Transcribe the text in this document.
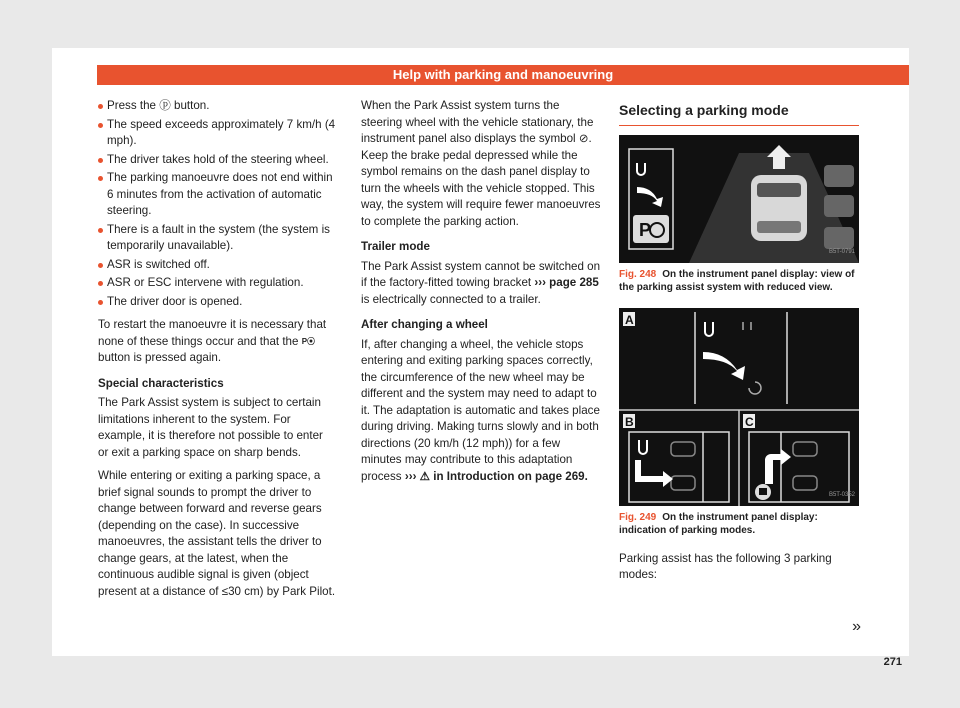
Help with parking and manoeuvring
Press the ⓟ button.
The speed exceeds approximately 7 km/h (4 mph).
The driver takes hold of the steering wheel.
The parking manoeuvre does not end within 6 minutes from the activation of automatic steering.
There is a fault in the system (the system is temporarily unavailable).
ASR is switched off.
ASR or ESC intervene with regulation.
The driver door is opened.

To restart the manoeuvre it is necessary that none of these things occur and that the P⦿ button is pressed again.

Special characteristics

The Park Assist system is subject to certain limitations inherent to the system. For example, it is therefore not possible to enter or exit a parking space on sharp bends.

While entering or exiting a parking space, a brief signal sounds to prompt the driver to change between forward and reverse gears (depending on the case). In successive manoeuvres, the assistant tells the driver to change gears, at the latest, when the continuous audible signal is given (object present at a distance of ≤30 cm) by Park Pilot.

When the Park Assist system turns the steering wheel with the vehicle stationary, the instrument panel also displays the symbol ⊘. Keep the brake pedal depressed while the symbol remains on the dash panel display to turn the wheels with the vehicle stopped. This way, the system will require fewer manoeuvres to complete the parking action.

Trailer mode

The Park Assist system cannot be switched on if the factory-fitted towing bracket ››› page 285 is electrically connected to a trailer.

After changing a wheel

If, after changing a wheel, the vehicle stops entering and exiting parking spaces correctly, the circumference of the new wheel may be different and the system may need to adapt to it. The adaptation is automatic and takes place during driving. Making turns slowly and in both directions (20 km/h (12 mph)) for a few minutes may contribute to this adaptation process ››› ⚠ in Introduction on page 269.

Selecting a parking mode
P
B5T-0791
Fig. 248 On the instrument panel display: view of the parking assist system with reduced view.
A
B	C
B5T-0352
Fig. 249 On the instrument panel display: indication of parking modes.

Parking assist has the following 3 parking modes:

»
271
